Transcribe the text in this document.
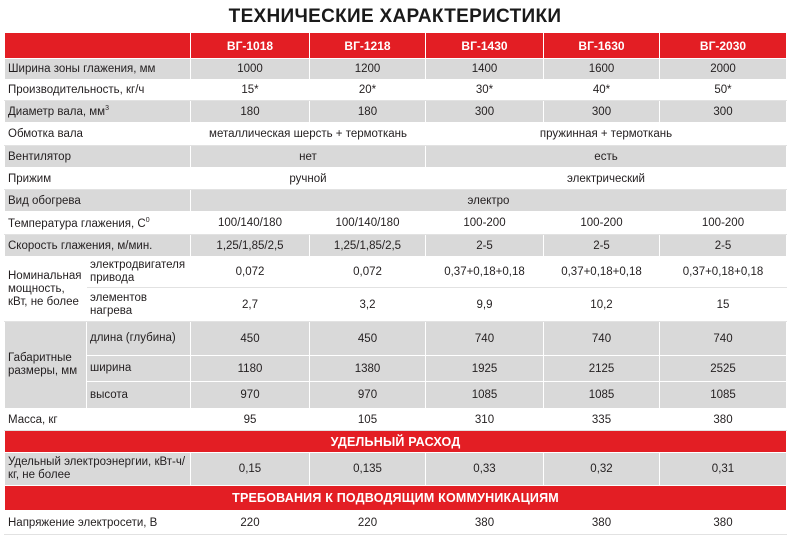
ТЕХНИЧЕСКИЕ ХАРАКТЕРИСТИКИ
		ВГ-1018	ВГ-1218	ВГ-1430	ВГ-1630	ВГ-2030
Ширина зоны глажения, мм		1000	1200	1400	1600	2000
Производительность, кг/ч		15*	20*	30*	40*	50*
Диаметр вала, $мм^3$		180	180	300	300	300
Обмотка вала		металлическая шерсть + термоткань		пружинная + термоткань		
Вентилятор		нет		есть		
Прижим		ручной		электрический		
Вид обогрева		электро				
Температура глажения, $С^0$		100/140/180	100/140/180	100-200	100-200	100-200
Скорость глажения, м/мин.		1,25/1,85/2,5	1,25/1,85/2,5	2-5	2-5	2-5
Номинальная мощность, кВт, не более	электродвигателя привода	0,072	0,072	0,37+0,18+0,18	0,37+0,18+0,18	0,37+0,18+0,18
	элементов нагрева	2,7	3,2	9,9	10,2	15
Габаритные размеры, мм	длина (глубина)	450	450	740	740	740
	ширина	1180	1380	1925	2125	2525
	высота	970	970	1085	1085	1085
Масса, кг		95	105	310	335	380
УДЕЛЬНЫЙ РАСХОД						
Удельный электроэнергии, кВт-ч/кг, не более		0,15	0,135	0,33	0,32	0,31
ТРЕБОВАНИЯ К ПОДВОДЯЩИМ КОММУНИКАЦИЯМ						
Напряжение электросети, В		220	220	380	380	380
